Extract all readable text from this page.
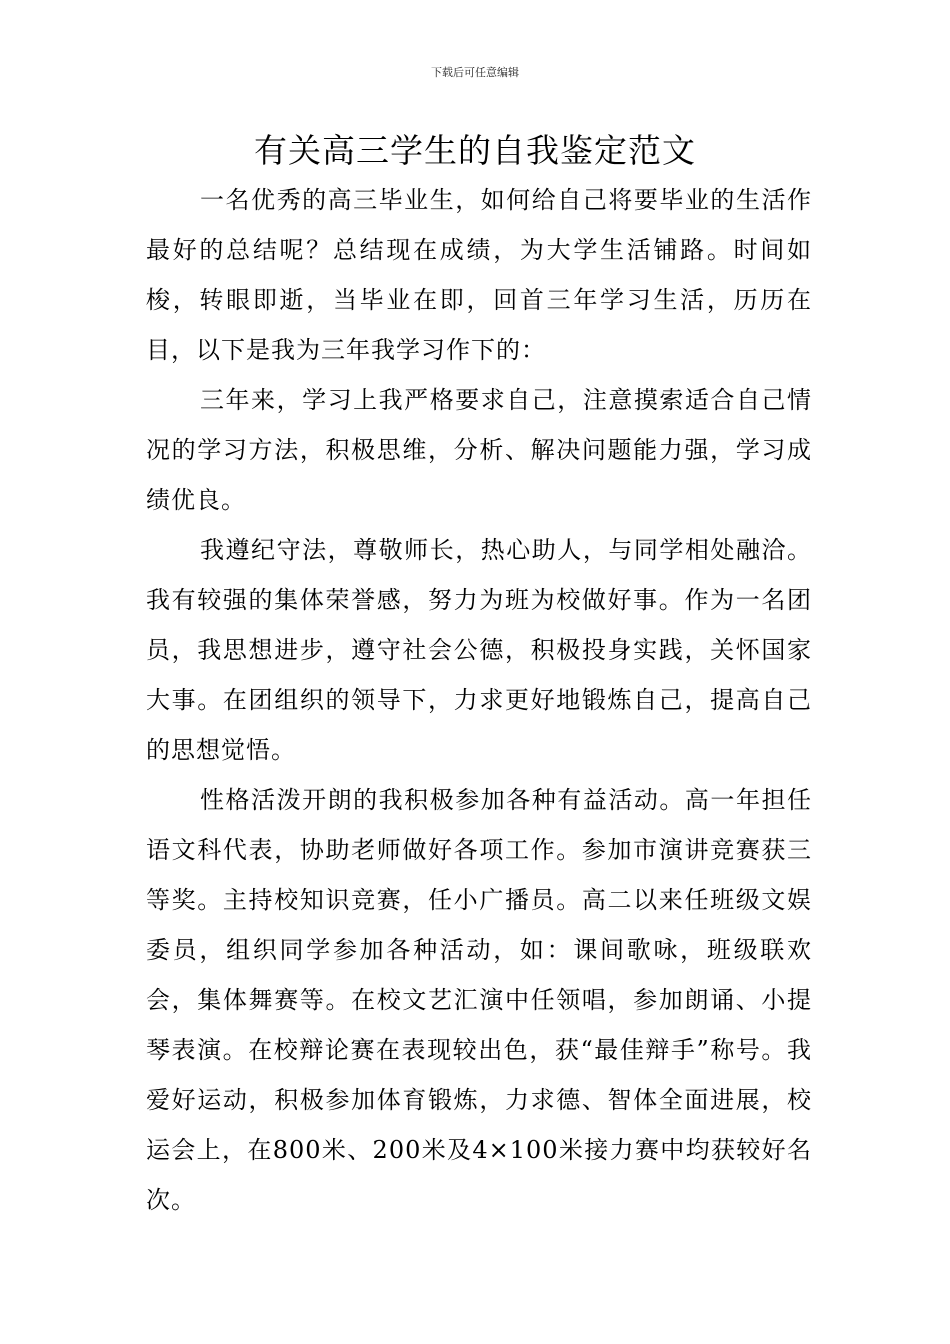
下载后可任意编辑
有关高三学生的自我鉴定范文

一名优秀的高三毕业生，如何给自己将要毕业的生活作最好的总结呢？总结现在成绩，为大学生活铺路。时间如梭，转眼即逝，当毕业在即，回首三年学习生活，历历在目，以下是我为三年我学习作下的：

三年来，学习上我严格要求自己，注意摸索适合自己情况的学习方法，积极思维，分析、解决问题能力强，学习成绩优良。

我遵纪守法，尊敬师长，热心助人，与同学相处融洽。我有较强的集体荣誉感，努力为班为校做好事。作为一名团员，我思想进步，遵守社会公德，积极投身实践，关怀国家大事。在团组织的领导下，力求更好地锻炼自己，提高自己的思想觉悟。

性格活泼开朗的我积极参加各种有益活动。高一年担任语文科代表，协助老师做好各项工作。参加市演讲竞赛获三等奖。主持校知识竞赛，任小广播员。高二以来任班级文娱委员，组织同学参加各种活动，如：课间歌咏，班级联欢会，集体舞赛等。在校文艺汇演中任领唱，参加朗诵、小提琴表演。在校辩论赛在表现较出色，获“最佳辩手”称号。我爱好运动，积极参加体育锻炼，力求德、智体全面进展，校运会上，在800米、200米及4×100米接力赛中均获较好名次。
